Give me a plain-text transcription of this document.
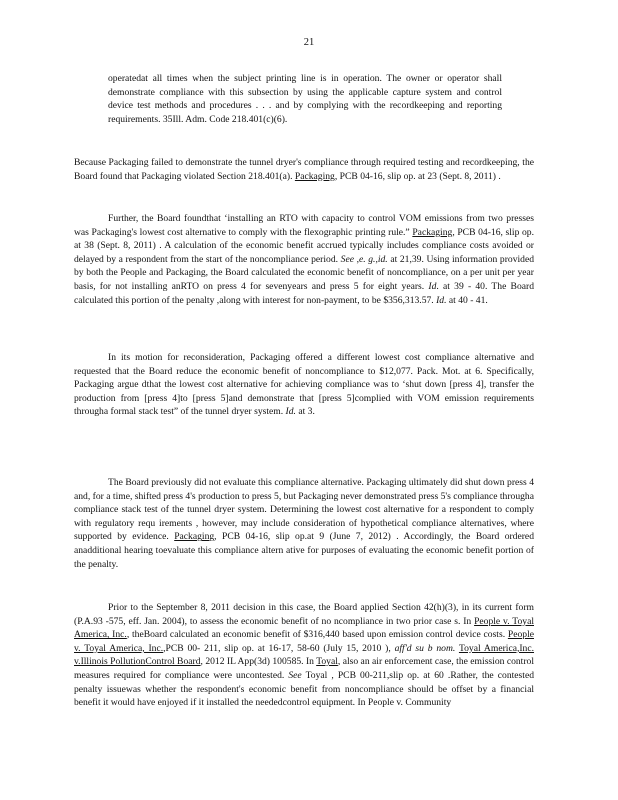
21
operatedat all times when the subject printing line is in operation. The owner or operator shall demonstrate compliance with this subsection by using the applicable capture system and control device test methods and procedures . . . and by complying with the recordkeeping and reporting requirements. 35Ill. Adm. Code 218.401(c)(6).
Because Packaging failed to demonstrate the tunnel dryer's compliance through required testing and recordkeeping, the Board found that Packaging violated Section 218.401(a). Packaging, PCB 04-16, slip op. at 23 (Sept. 8, 2011) .

Further, the Board foundthat ‘installing an RTO with capacity to control VOM emissions from two presses was Packaging's lowest cost alternative to comply with the flexographic printing rule.” Packaging, PCB 04-16, slip op. at 38 (Sept. 8, 2011) . A calculation of the economic benefit accrued typically includes compliance costs avoided or delayed by a respondent from the start of the noncompliance period. See ,e. g.,id. at 21,39. Using information provided by both the People and Packaging, the Board calculated the economic benefit of noncompliance, on a per unit per year basis, for not installing anRTO on press 4 for sevenyears and press 5 for eight years. Id. at 39 - 40. The Board calculated this portion of the penalty ,along with interest for non-payment, to be $356,313.57. Id. at 40 - 41.

In its motion for reconsideration, Packaging offered a different lowest cost compliance alternative and requested that the Board reduce the economic benefit of noncompliance to $12,077. Pack. Mot. at 6. Specifically, Packaging argue dthat the lowest cost alternative for achieving compliance was to ‘shut down [press 4], transfer the production from [press 4]to [press 5]and demonstrate that [press 5]complied with VOM emission requirements througha formal stack test” of the tunnel dryer system. Id. at 3.

The Board previously did not evaluate this compliance alternative. Packaging ultimately did shut down press 4 and, for a time, shifted press 4's production to press 5, but Packaging never demonstrated press 5's compliance througha compliance stack test of the tunnel dryer system. Determining the lowest cost alternative for a respondent to comply with regulatory requ irements , however, may include consideration of hypothetical compliance alternatives, where supported by evidence. Packaging, PCB 04-16, slip op.at 9 (June 7, 2012) . Accordingly, the Board ordered anadditional hearing toevaluate this compliance altern ative for purposes of evaluating the economic benefit portion of the penalty.

Prior to the September 8, 2011 decision in this case, the Board applied Section 42(h)(3), in its current form (P.A.93 -575, eff. Jan. 2004), to assess the economic benefit of no ncompliance in two prior case s. In People v. Toyal America, Inc., theBoard calculated an economic benefit of $316,440 based upon emission control device costs. People v. Toyal America, Inc.,PCB 00- 211, slip op. at 16-17, 58-60 (July 15, 2010 ), aff'd su b nom. Toyal America,Inc. v.Illinois PollutionControl Board, 2012 IL App(3d) 100585. In Toyal, also an air enforcement case, the emission control measures required for compliance were uncontested. See Toyal , PCB 00-211,slip op. at 60 .Rather, the contested penalty issuewas whether the respondent's economic benefit from noncompliance should be offset by a financial benefit it would have enjoyed if it installed the neededcontrol equipment. In People v. Community
